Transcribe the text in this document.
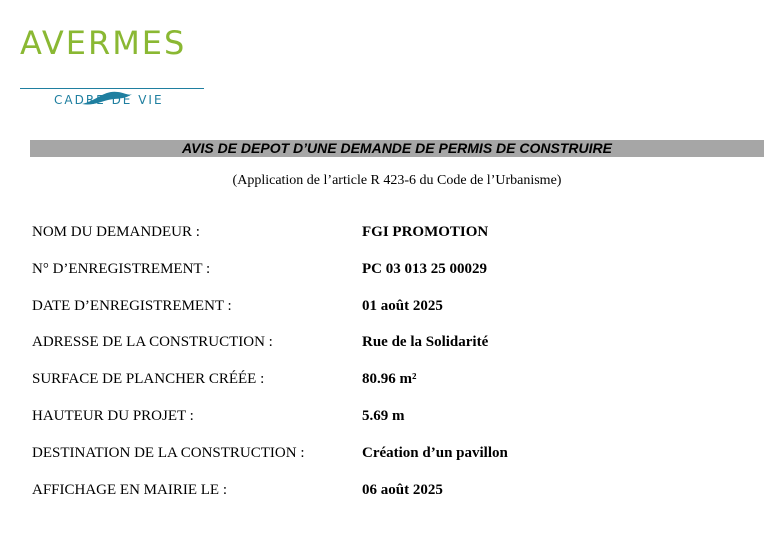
AVERMES
CADRE DE VIE
AVIS DE DEPOT D’UNE DEMANDE DE PERMIS DE CONSTRUIRE
(Application de l’article R 423-6 du Code de l’Urbanisme)
NOM DU DEMANDEUR :	FGI PROMOTION
N° D’ENREGISTREMENT :	PC 03 013 25 00029
DATE D’ENREGISTREMENT :	01 août 2025
ADRESSE DE LA CONSTRUCTION :	Rue de la Solidarité
SURFACE DE PLANCHER CRÉÉE :	80.96 m²
HAUTEUR DU PROJET :	5.69 m
DESTINATION DE LA CONSTRUCTION :	Création d’un pavillon
AFFICHAGE EN MAIRIE LE :	06 août 2025
